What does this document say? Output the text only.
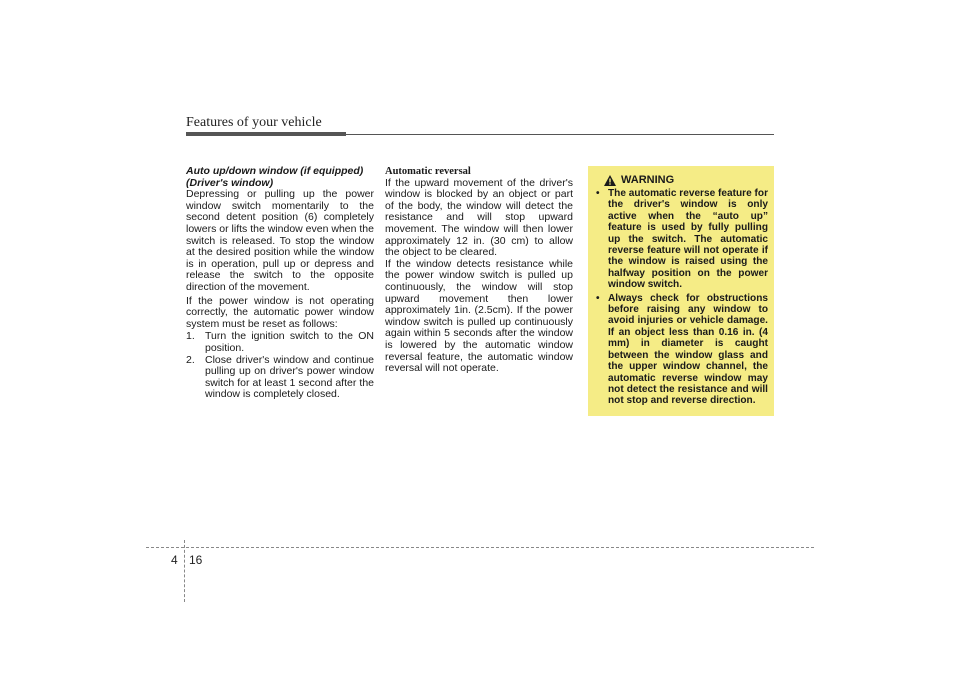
Features of your vehicle

Auto up/down window (if equipped)

(Driver's window)

Depressing or pulling up the power window switch momentarily to the second detent position (6) completely lowers or lifts the window even when the switch is released. To stop the window at the desired position while the window is in operation, pull up or depress and release the switch to the opposite direction of the movement.

If the power window is not operating correctly, the automatic power window system must be reset as follows:

1. Turn the ignition switch to the ON position.
2. Close driver's window and continue pulling up on driver's power window switch for at least 1 second after the window is completely closed.

Automatic reversal

If the upward movement of the driver's window is blocked by an object or part of the body, the window will detect the resistance and will stop upward movement. The window will then lower approximately 12 in. (30 cm) to allow the object to be cleared.

If the window detects resistance while the power window switch is pulled up continuously, the window will stop upward movement then lower approximately 1in. (2.5cm). If the power window switch is pulled up continuously again within 5 seconds after the window is lowered by the automatic window reversal feature, the automatic window reversal will not operate.

WARNING
• The automatic reverse feature for the driver's window is only active when the “auto up” feature is used by fully pulling up the switch. The automatic reverse feature will not operate if the window is raised using the halfway position on the power window switch.
• Always check for obstructions before raising any window to avoid injuries or vehicle damage. If an object less than 0.16 in. (4 mm) in diameter is caught between the window glass and the upper window channel, the automatic reverse window may not detect the resistance and will not stop and reverse direction.
4 16
